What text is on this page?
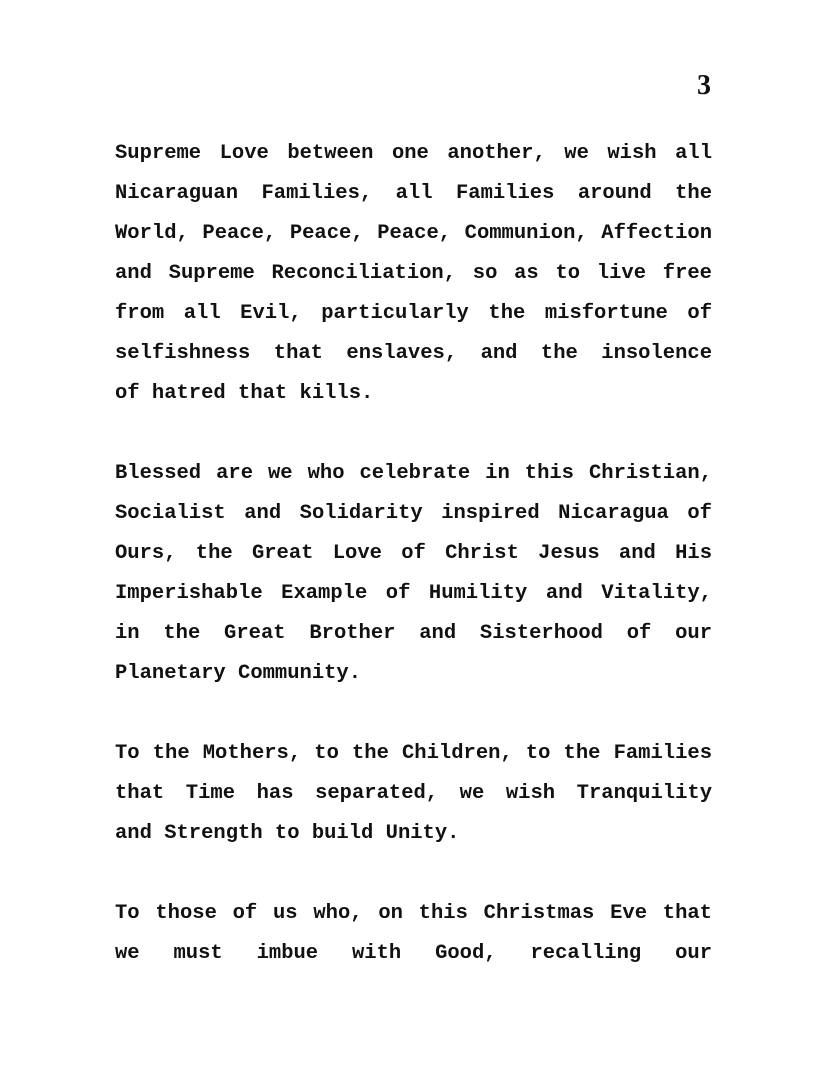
3
Supreme Love between one another, we wish all
Nicaraguan Families, all Families around the
World, Peace, Peace, Peace, Communion, Affection
and Supreme Reconciliation, so as to live free
from all Evil, particularly the misfortune of
selfishness that enslaves, and the insolence
of hatred that kills.
Blessed are we who celebrate in this Christian,
Socialist and Solidarity inspired Nicaragua of
Ours, the Great Love of Christ Jesus and His
Imperishable Example of Humility and Vitality,
in the Great Brother and Sisterhood of our
Planetary Community.
To the Mothers, to the Children, to the Families
that Time has separated, we wish Tranquility
and Strength to build Unity.
To those of us who, on this Christmas Eve that
we must imbue with Good, recalling our
